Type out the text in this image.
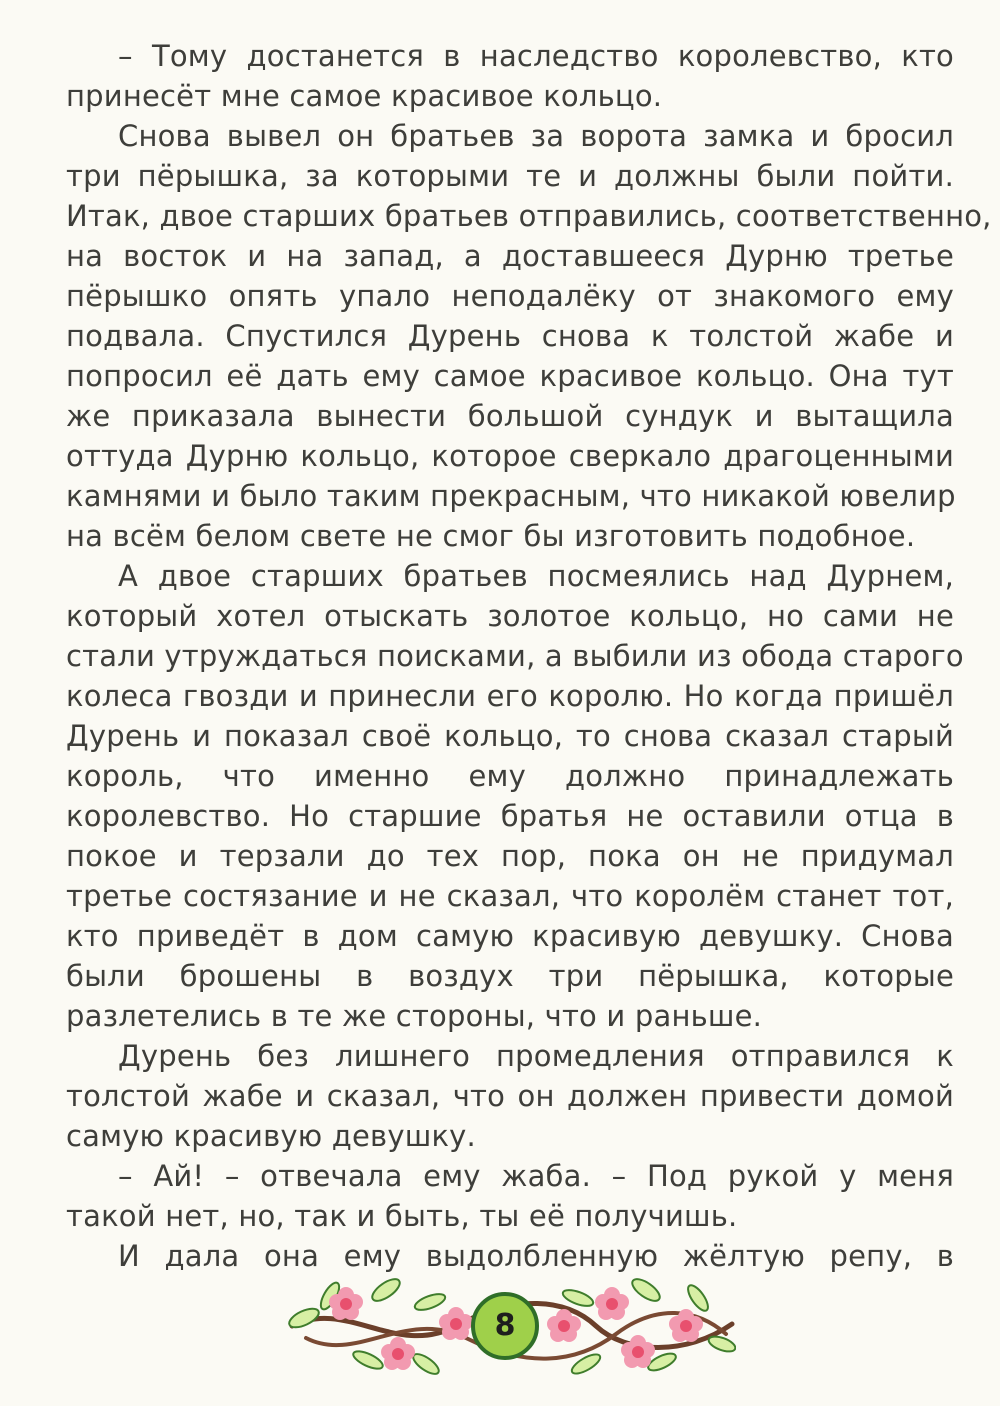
– Тому достанется в наследство королевство, кто
принесёт мне самое красивое кольцо.
Снова вывел он братьев за ворота замка и бросил
три пёрышка, за которыми те и должны были пойти.
Итак, двое старших братьев отправились, соответственно,
на восток и на запад, а доставшееся Дурню третье
пёрышко опять упало неподалёку от знакомого ему
подвала. Спустился Дурень снова к толстой жабе и
попросил её дать ему самое красивое кольцо. Она тут
же приказала вынести большой сундук и вытащила
оттуда Дурню кольцо, которое сверкало драгоценными
камнями и было таким прекрасным, что никакой ювелир
на всём белом свете не смог бы изготовить подобное.
А двое старших братьев посмеялись над Дурнем,
который хотел отыскать золотое кольцо, но сами не
стали утруждаться поисками, а выбили из обода старого
колеса гвозди и принесли его королю. Но когда пришёл
Дурень и показал своё кольцо, то снова сказал старый
король, что именно ему должно принадлежать
королевство. Но старшие братья не оставили отца в
покое и терзали до тех пор, пока он не придумал
третье состязание и не сказал, что королём станет тот,
кто приведёт в дом самую красивую девушку. Снова
были брошены в воздух три пёрышка, которые
разлетелись в те же стороны, что и раньше.
Дурень без лишнего промедления отправился к
толстой жабе и сказал, что он должен привести домой
самую красивую девушку.
– Ай! – отвечала ему жаба. – Под рукой у меня
такой нет, но, так и быть, ты её получишь.
И дала она ему выдолбленную жёлтую репу, в
8
